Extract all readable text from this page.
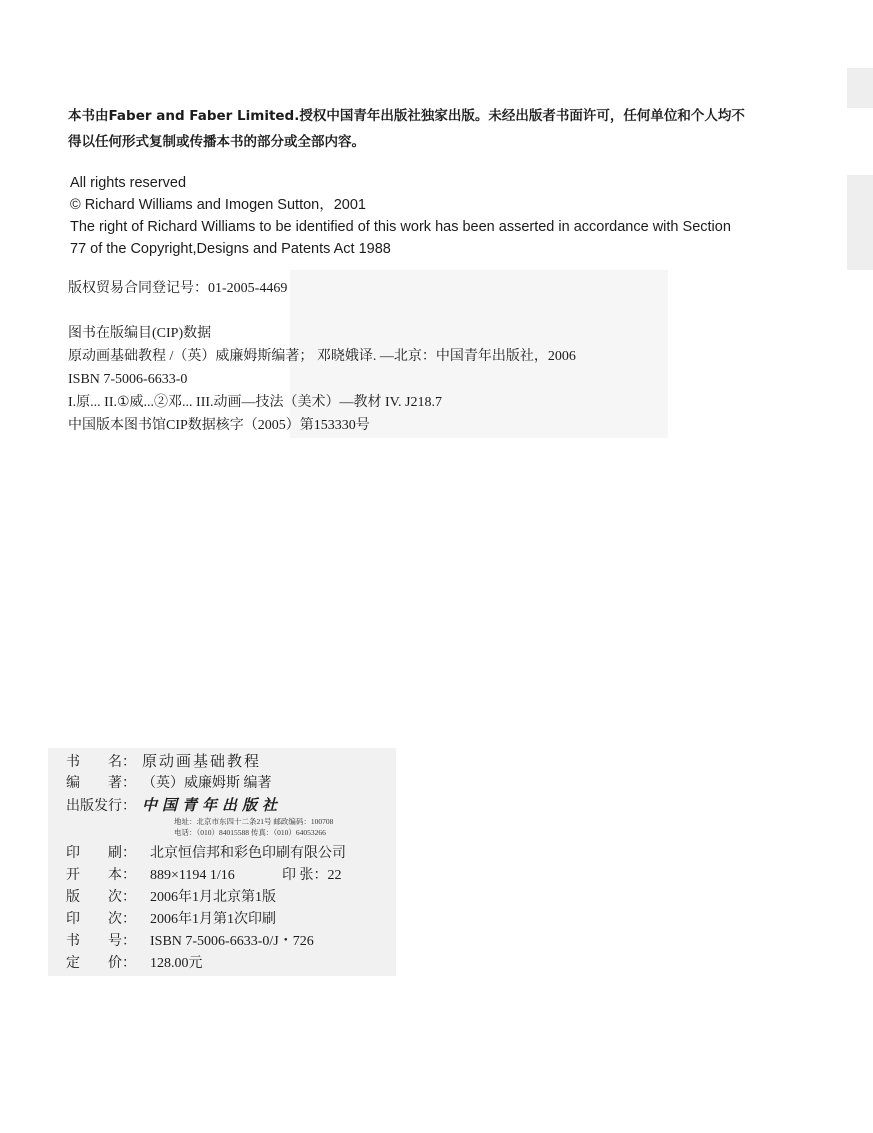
本书由Faber and Faber Limited.授权中国青年出版社独家出版。未经出版者书面许可，任何单位和个人均不
得以任何形式复制或传播本书的部分或全部内容。
All rights reserved
© Richard Williams and Imogen Sutton，2001
The right of Richard Williams to be identified of this work has been asserted in accordance with Section
77 of the Copyright,Designs and Patents Act 1988
版权贸易合同登记号：01-2005-4469
图书在版编目(CIP)数据
原动画基础教程 /（英）威廉姆斯编著； 邓晓娥译. —北京：中国青年出版社，2006
ISBN 7-5006-6633-0
I.原... II.①威...②邓... III.动画—技法（美术）—教材 IV. J218.7
中国版本图书馆CIP数据核字（2005）第153330号
书　　名： 原动画基础教程
编　　著： （英）威廉姆斯 编著
出版发行： 中国青年出版社
地址：北京市东四十二条21号 邮政编码：100708
电话：（010）84015588 传真：（010）64053266
印　　刷：	北京恒信邦和彩色印刷有限公司
开　　本：	889×1194 1/16	印 张： 22
版　　次：	2006年1月北京第1版
印　　次：	2006年1月第1次印刷
书　　号：	ISBN 7-5006-6633-0/J・726
定　　价：	128.00元
